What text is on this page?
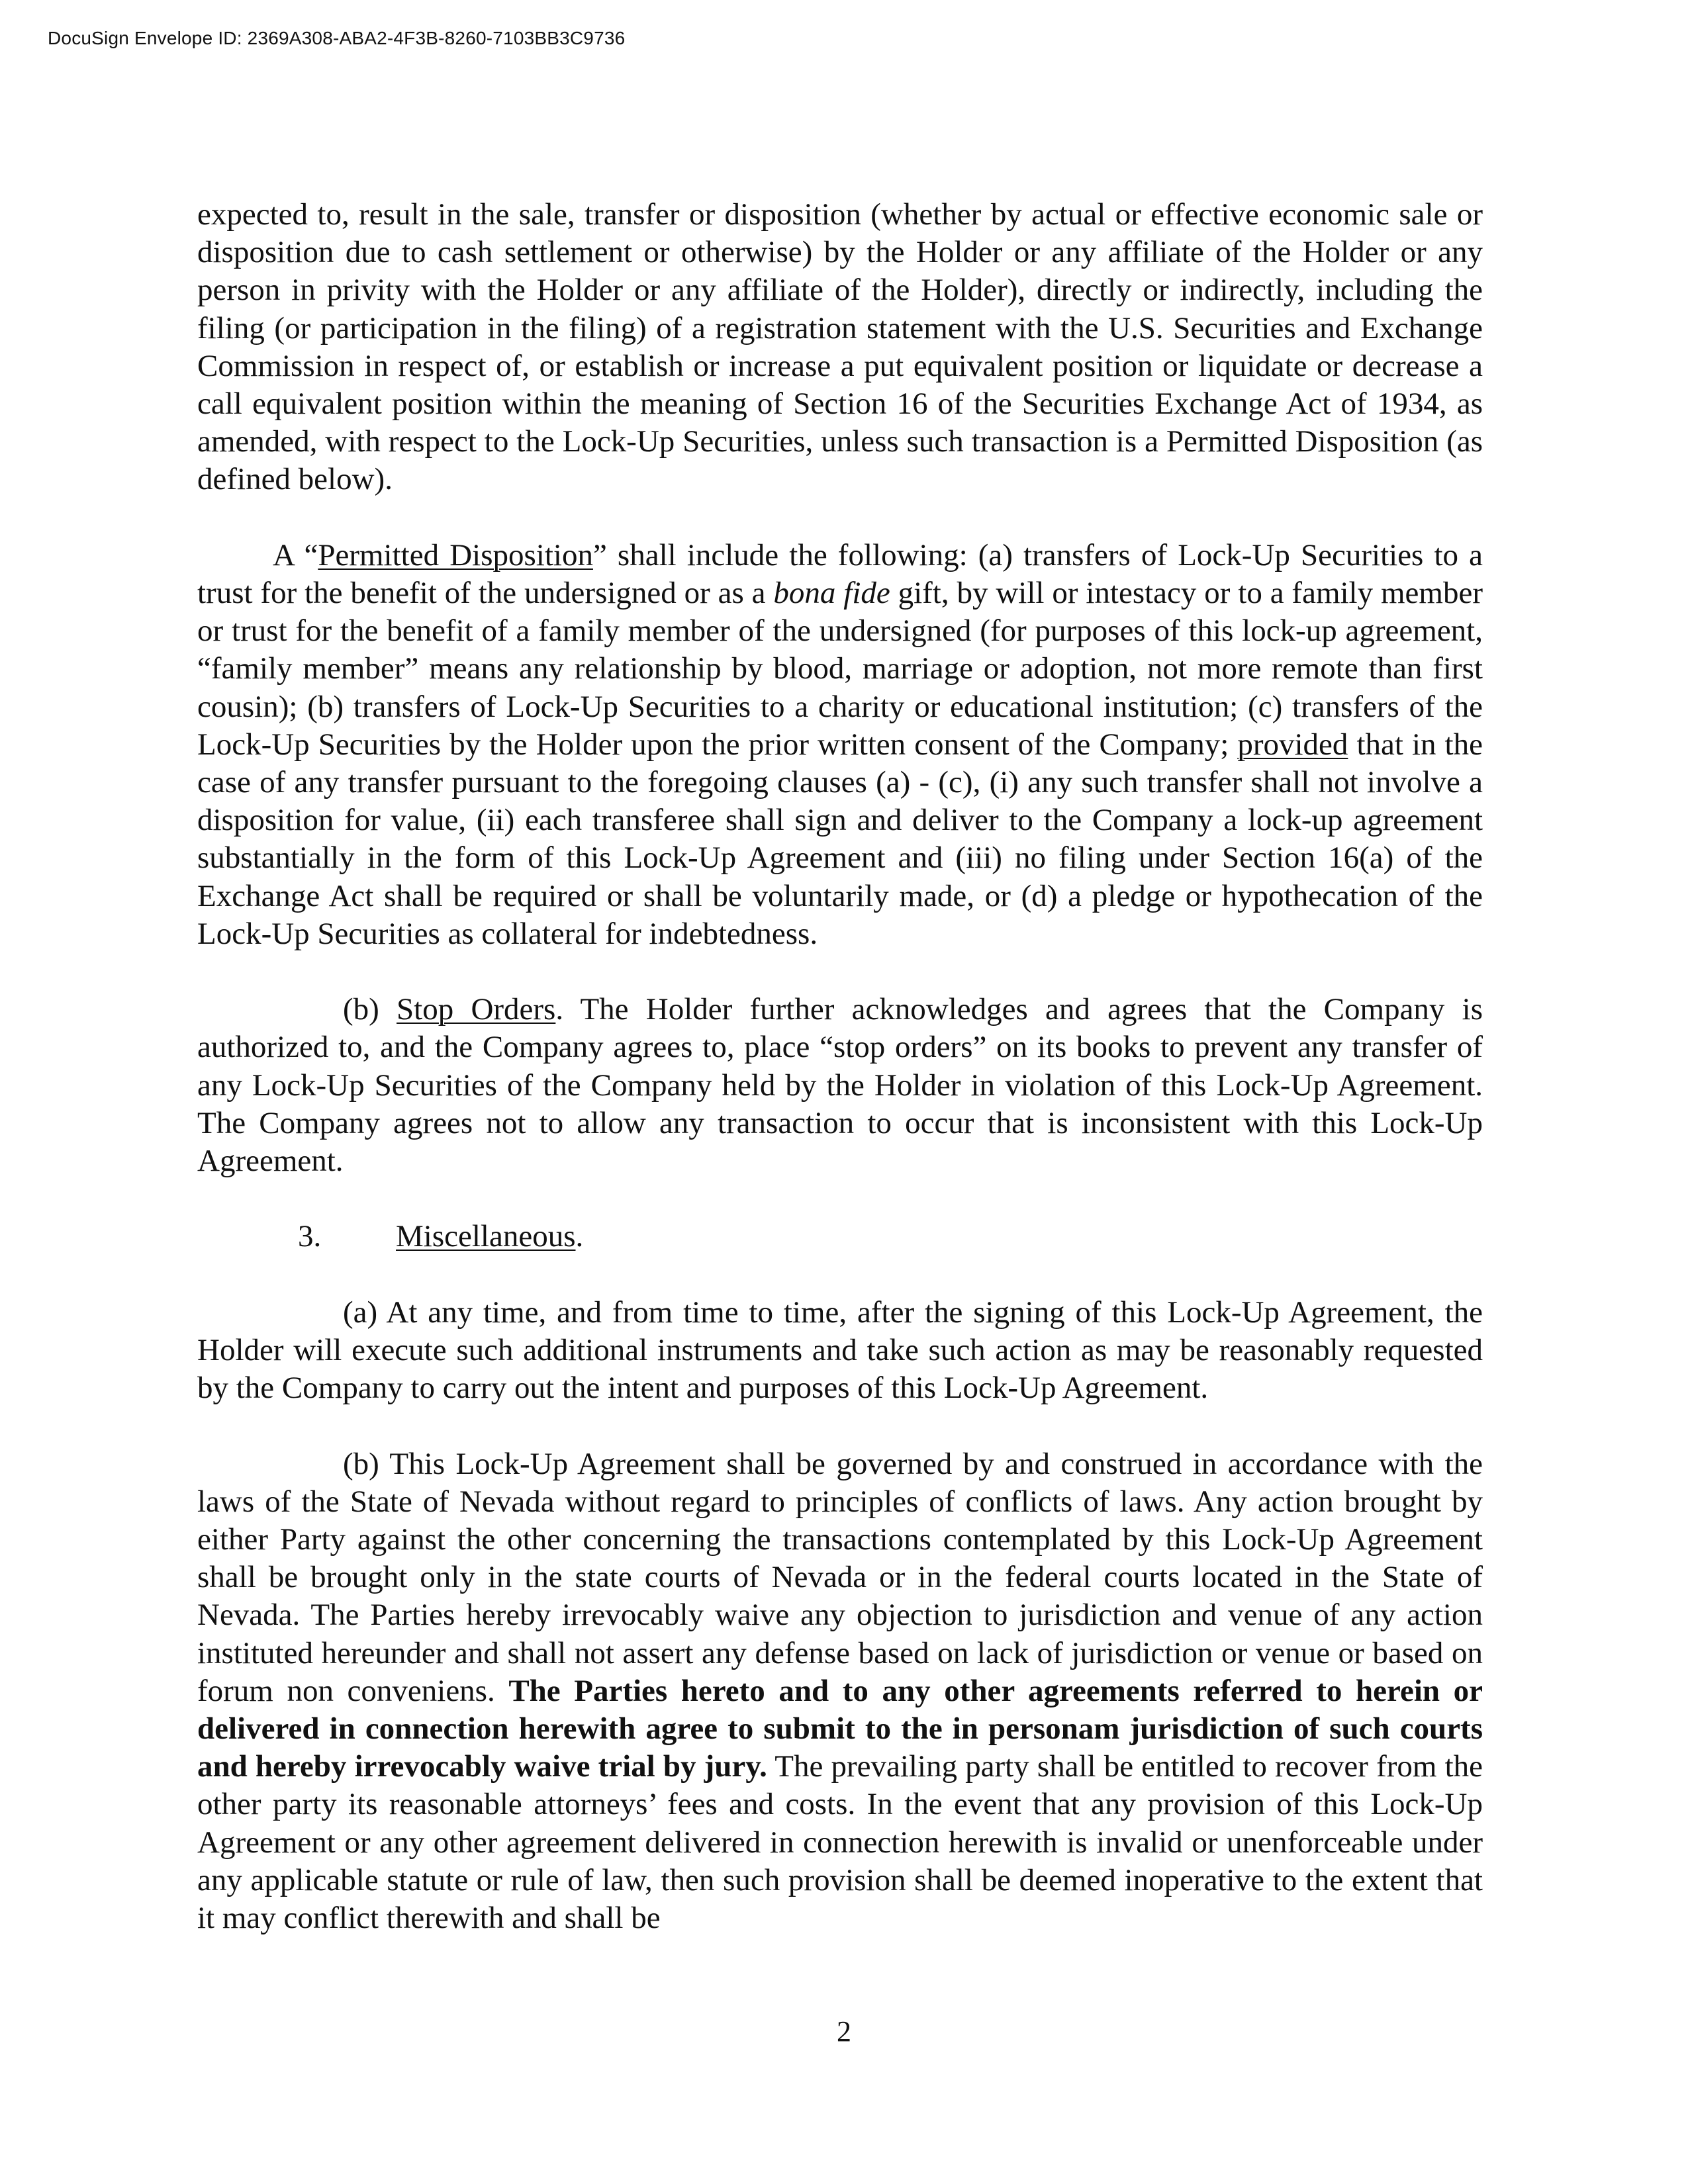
DocuSign Envelope ID: 2369A308-ABA2-4F3B-8260-7103BB3C9736

expected to, result in the sale, transfer or disposition (whether by actual or effective economic sale or disposition due to cash settlement or otherwise) by the Holder or any affiliate of the Holder or any person in privity with the Holder or any affiliate of the Holder), directly or indirectly, including the filing (or participation in the filing) of a registration statement with the U.S. Securities and Exchange Commission in respect of, or establish or increase a put equivalent position or liquidate or decrease a call equivalent position within the meaning of Section 16 of the Securities Exchange Act of 1934, as amended, with respect to the Lock-Up Securities, unless such transaction is a Permitted Disposition (as defined below).

A “Permitted Disposition” shall include the following: (a) transfers of Lock-Up Securities to a trust for the benefit of the undersigned or as a bona fide gift, by will or intestacy or to a family member or trust for the benefit of a family member of the undersigned (for purposes of this lock-up agreement, “family member” means any relationship by blood, marriage or adoption, not more remote than first cousin); (b) transfers of Lock-Up Securities to a charity or educational institution; (c) transfers of the Lock-Up Securities by the Holder upon the prior written consent of the Company; provided that in the case of any transfer pursuant to the foregoing clauses (a) - (c), (i) any such transfer shall not involve a disposition for value, (ii) each transferee shall sign and deliver to the Company a lock-up agreement substantially in the form of this Lock-Up Agreement and (iii) no filing under Section 16(a) of the Exchange Act shall be required or shall be voluntarily made, or (d) a pledge or hypothecation of the Lock-Up Securities as collateral for indebtedness.

(b) Stop Orders. The Holder further acknowledges and agrees that the Company is authorized to, and the Company agrees to, place “stop orders” on its books to prevent any transfer of any Lock-Up Securities of the Company held by the Holder in violation of this Lock-Up Agreement. The Company agrees not to allow any transaction to occur that is inconsistent with this Lock-Up Agreement.

3. Miscellaneous.

(a) At any time, and from time to time, after the signing of this Lock-Up Agreement, the Holder will execute such additional instruments and take such action as may be reasonably requested by the Company to carry out the intent and purposes of this Lock-Up Agreement.

(b) This Lock-Up Agreement shall be governed by and construed in accordance with the laws of the State of Nevada without regard to principles of conflicts of laws. Any action brought by either Party against the other concerning the transactions contemplated by this Lock-Up Agreement shall be brought only in the state courts of Nevada or in the federal courts located in the State of Nevada. The Parties hereby irrevocably waive any objection to jurisdiction and venue of any action instituted hereunder and shall not assert any defense based on lack of jurisdiction or venue or based on forum non conveniens. The Parties hereto and to any other agreements referred to herein or delivered in connection herewith agree to submit to the in personam jurisdiction of such courts and hereby irrevocably waive trial by jury. The prevailing party shall be entitled to recover from the other party its reasonable attorneys’ fees and costs. In the event that any provision of this Lock-Up Agreement or any other agreement delivered in connection herewith is invalid or unenforceable under any applicable statute or rule of law, then such provision shall be deemed inoperative to the extent that it may conflict therewith and shall be

2
